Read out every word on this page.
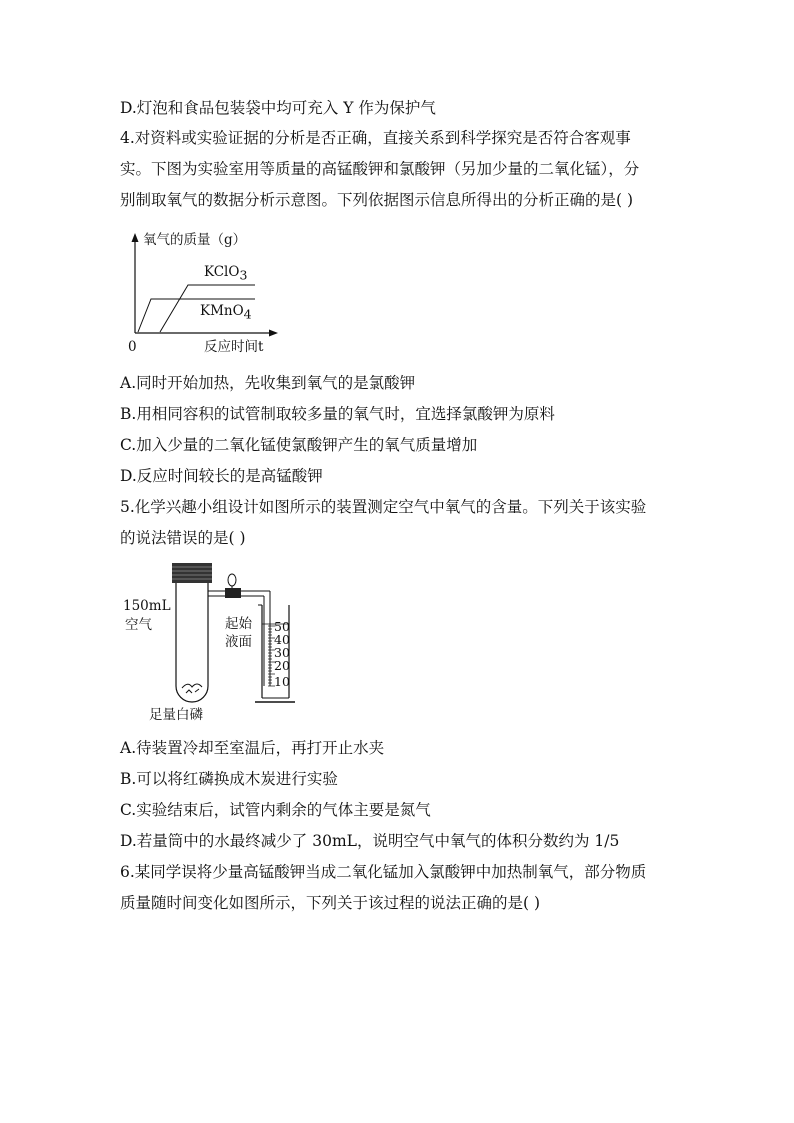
D.灯泡和食品包装袋中均可充入 Y 作为保护气
4.对资料或实验证据的分析是否正确，直接关系到科学探究是否符合客观事
实。下图为实验室用等质量的高锰酸钾和氯酸钾（另加少量的二氧化锰），分
别制取氧气的数据分析示意图。下列依据图示信息所得出的分析正确的是( )
氧气的质量（g）
KClO$_3$
KMnO$_4$
0	反应时间t
A.同时开始加热，先收集到氧气的是氯酸钾
B.用相同容积的试管制取较多量的氧气时，宜选择氯酸钾为原料
C.加入少量的二氧化锰使氯酸钾产生的氧气质量增加
D.反应时间较长的是高锰酸钾
5.化学兴趣小组设计如图所示的装置测定空气中氧气的含量。下列关于该实验
的说法错误的是( )
50
40
30
20
10
150mL
空气	起始
液面
足量白磷
A.待装置冷却至室温后，再打开止水夹
B.可以将红磷换成木炭进行实验
C.实验结束后，试管内剩余的气体主要是氮气
D.若量筒中的水最终减少了 30mL，说明空气中氧气的体积分数约为 1/5
6.某同学误将少量高锰酸钾当成二氧化锰加入氯酸钾中加热制氧气，部分物质
质量随时间变化如图所示，下列关于该过程的说法正确的是( )
